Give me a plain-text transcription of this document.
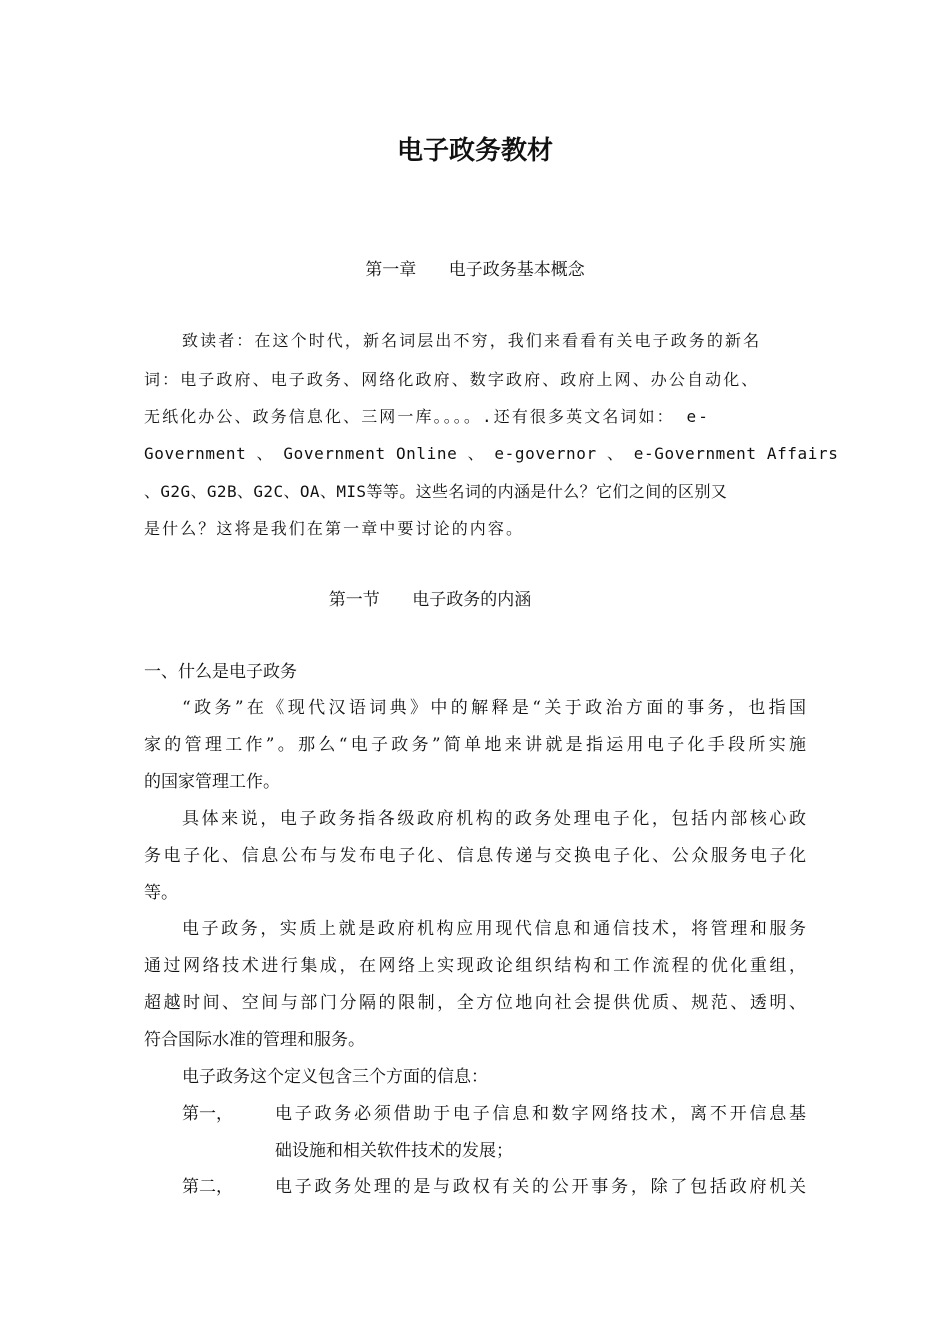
电子政务教材
第一章      电子政务基本概念
致读者：在这个时代，新名词层出不穷，我们来看看有关电子政务的新名
词：电子政府、电子政务、网络化政府、数字政府、政府上网、办公自动化、
无纸化办公、政务信息化、三网一库。。。。.还有很多英文名词如： e-
Government 、 Government Online 、 e-governor 、 e-Government Affairs
、G2G、G2B、G2C、OA、MIS等等。这些名词的内涵是什么？它们之间的区别又
是什么？这将是我们在第一章中要讨论的内容。
第一节      电子政务的内涵
一、什么是电子政务
“政务”在《现代汉语词典》中的解释是“关于政治方面的事务，也指国
家的管理工作”。那么“电子政务”简单地来讲就是指运用电子化手段所实施
的国家管理工作。
具体来说，电子政务指各级政府机构的政务处理电子化，包括内部核心政
务电子化、信息公布与发布电子化、信息传递与交换电子化、公众服务电子化
等。
电子政务，实质上就是政府机构应用现代信息和通信技术，将管理和服务
通过网络技术进行集成，在网络上实现政论组织结构和工作流程的优化重组，
超越时间、空间与部门分隔的限制，全方位地向社会提供优质、规范、透明、
符合国际水准的管理和服务。
电子政务这个定义包含三个方面的信息：
第一， 电子政务必须借助于电子信息和数字网络技术，离不开信息基
础设施和相关软件技术的发展；
第二， 电子政务处理的是与政权有关的公开事务，除了包括政府机关
